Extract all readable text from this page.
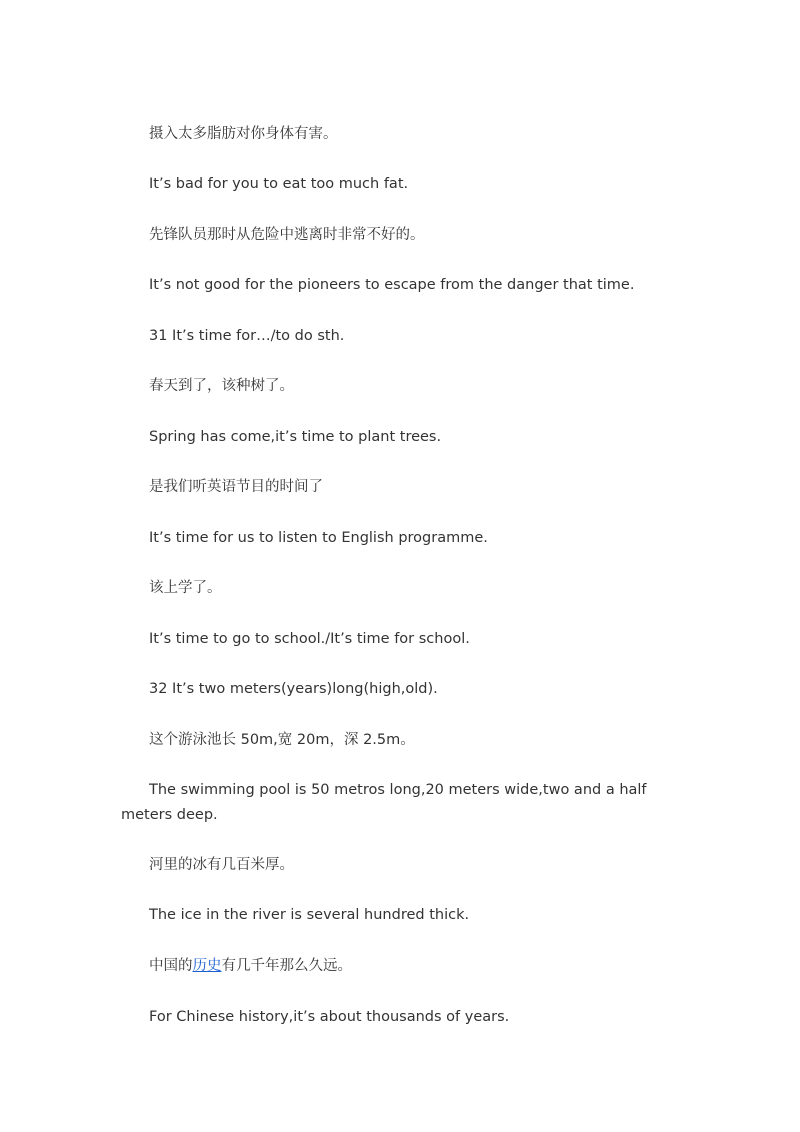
摄入太多脂肪对你身体有害。

It’s bad for you to eat too much fat.

先锋队员那时从危险中逃离时非常不好的。

It’s not good for the pioneers to escape from the danger that time.

31 It’s time for…/to do sth.

春天到了，该种树了。

Spring has come,it’s time to plant trees.

是我们听英语节目的时间了

It’s time for us to listen to English programme.

该上学了。

It’s time to go to school./It’s time for school.

32 It’s two meters(years)long(high,old).

这个游泳池长 50m,宽 20m，深 2.5m。

The swimming pool is 50 metros long,20 meters wide,two and a half meters deep.

河里的冰有几百米厚。

The ice in the river is several hundred thick.

中国的历史有几千年那么久远。

For Chinese history,it’s about thousands of years.
